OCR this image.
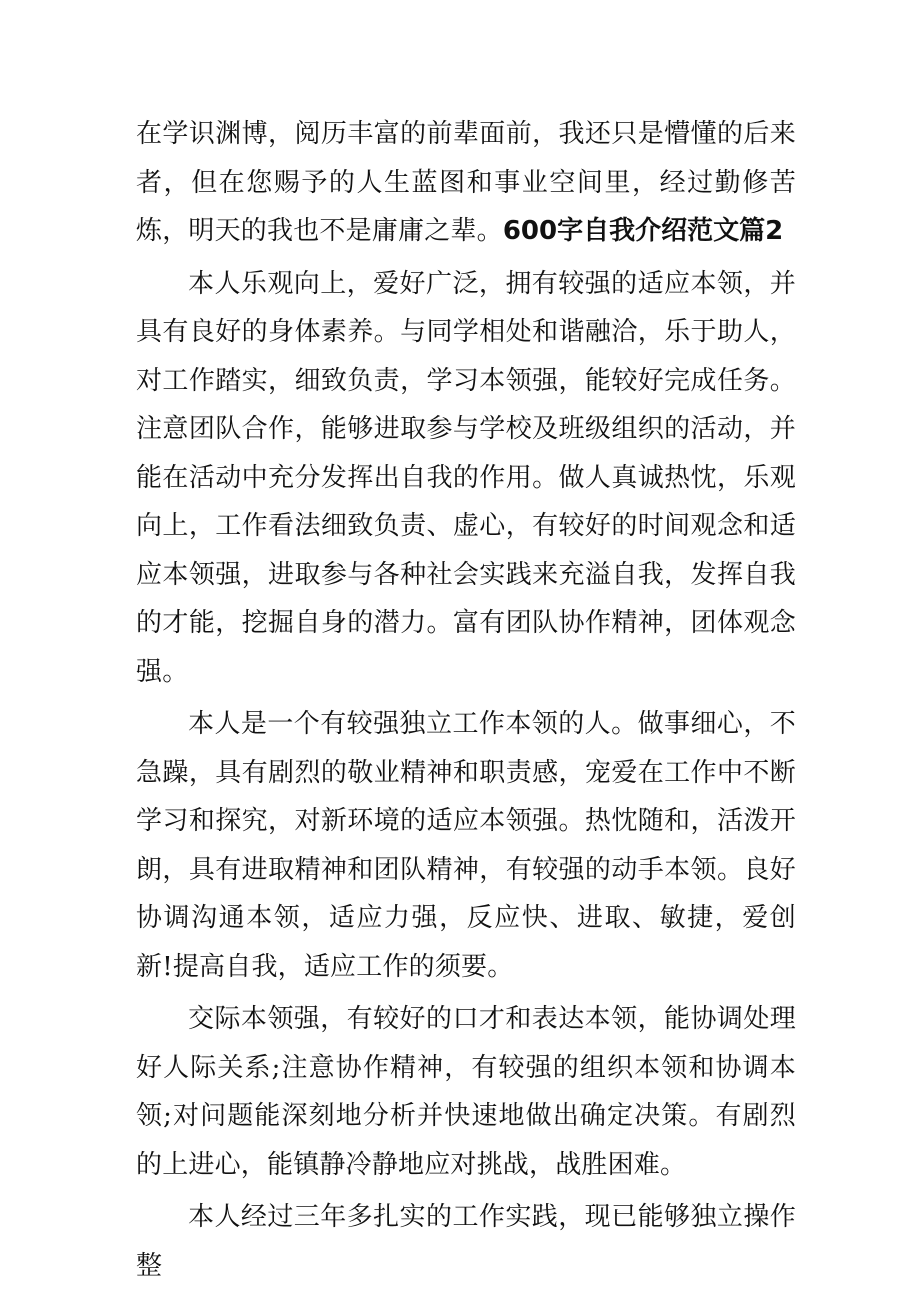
在学识渊博，阅历丰富的前辈面前，我还只是懵懂的后来者，但在您赐予的人生蓝图和事业空间里，经过勤修苦炼，明天的我也不是庸庸之辈。600字自我介绍范文篇2

本人乐观向上，爱好广泛，拥有较强的适应本领，并具有良好的身体素养。与同学相处和谐融洽，乐于助人，对工作踏实，细致负责，学习本领强，能较好完成任务。注意团队合作，能够进取参与学校及班级组织的活动，并能在活动中充分发挥出自我的作用。做人真诚热忱，乐观向上，工作看法细致负责、虚心，有较好的时间观念和适应本领强，进取参与各种社会实践来充溢自我，发挥自我的才能，挖掘自身的潜力。富有团队协作精神，团体观念强。

本人是一个有较强独立工作本领的人。做事细心，不急躁，具有剧烈的敬业精神和职责感，宠爱在工作中不断学习和探究，对新环境的适应本领强。热忱随和，活泼开朗，具有进取精神和团队精神，有较强的动手本领。良好协调沟通本领，适应力强，反应快、进取、敏捷，爱创新!提高自我，适应工作的须要。

交际本领强，有较好的口才和表达本领，能协调处理好人际关系;注意协作精神，有较强的组织本领和协调本领;对问题能深刻地分析并快速地做出确定决策。有剧烈的上进心，能镇静冷静地应对挑战，战胜困难。

本人经过三年多扎实的工作实践，现已能够独立操作整
